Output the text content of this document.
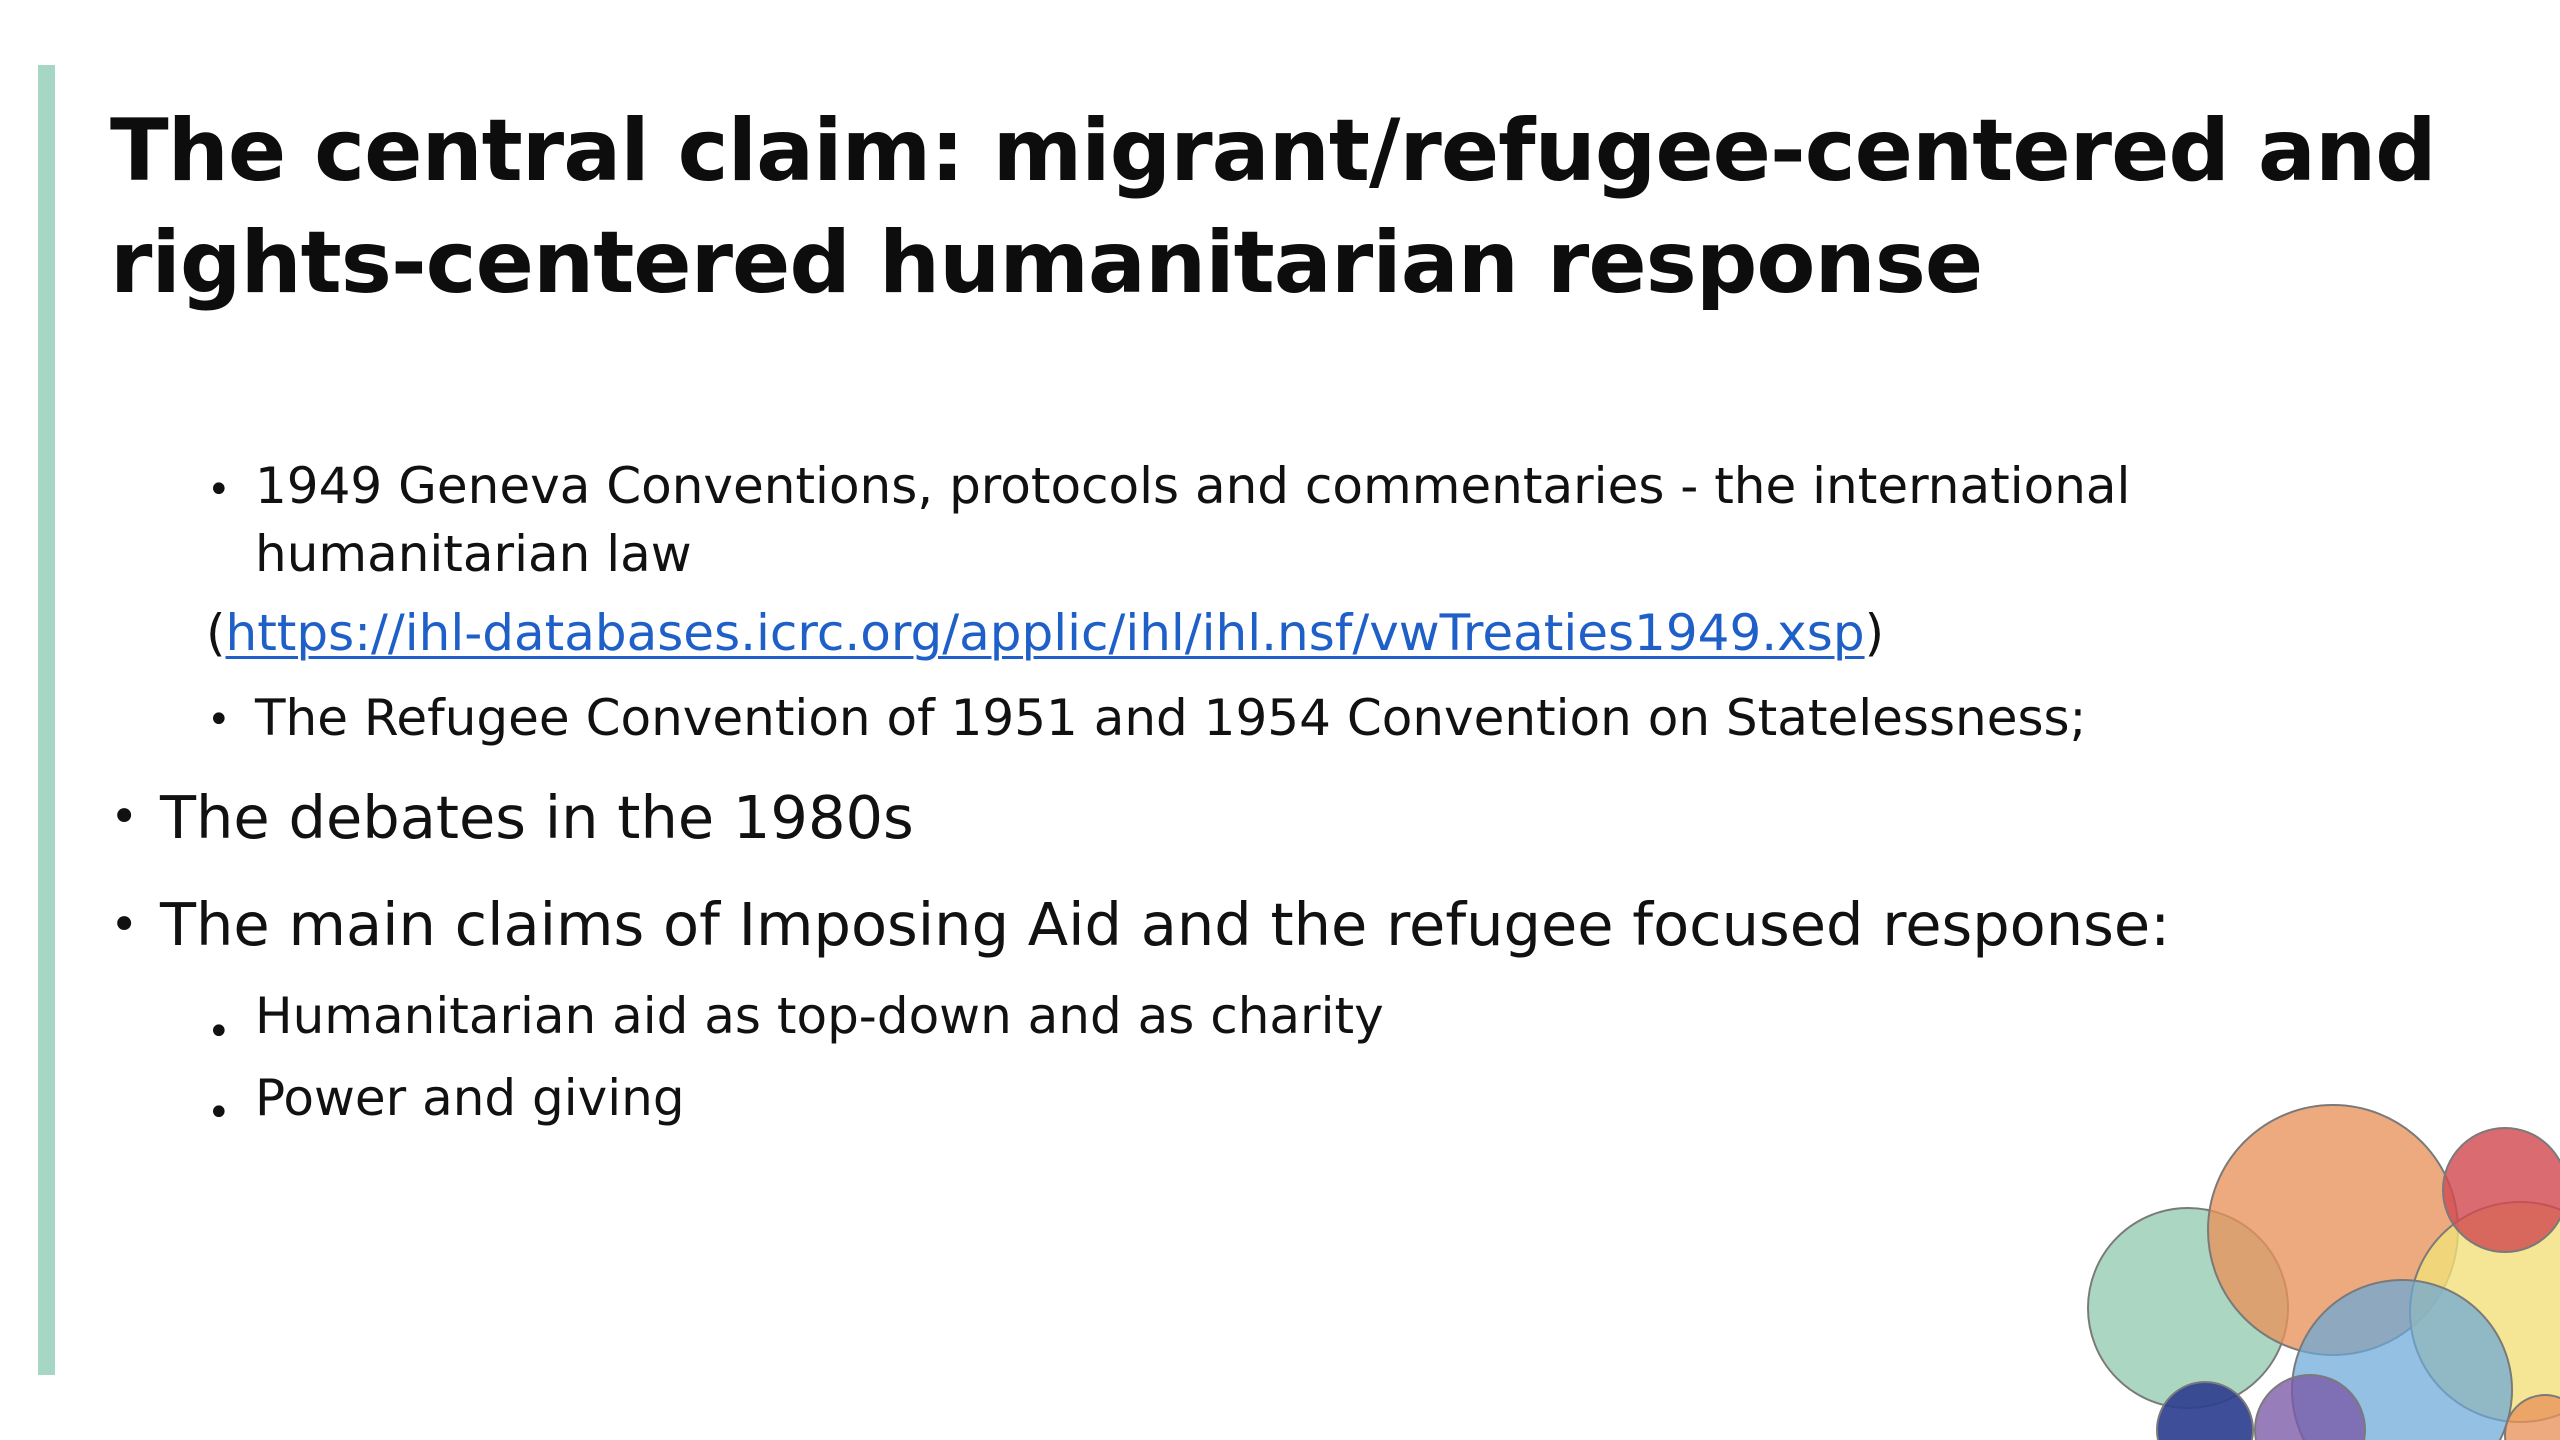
The central claim: migrant/refugee-centered and
rights-centered humanitarian response
• 1949 Geneva Conventions, protocols and commentaries - the international
humanitarian law
(https://ihl-databases.icrc.org/applic/ihl/ihl.nsf/vwTreaties1949.xsp)
• The Refugee Convention of 1951 and 1954 Convention on Statelessness;
• The debates in the 1980s
• The main claims of Imposing Aid and the refugee focused response:
• Humanitarian aid as top-down and as charity
• Power and giving
